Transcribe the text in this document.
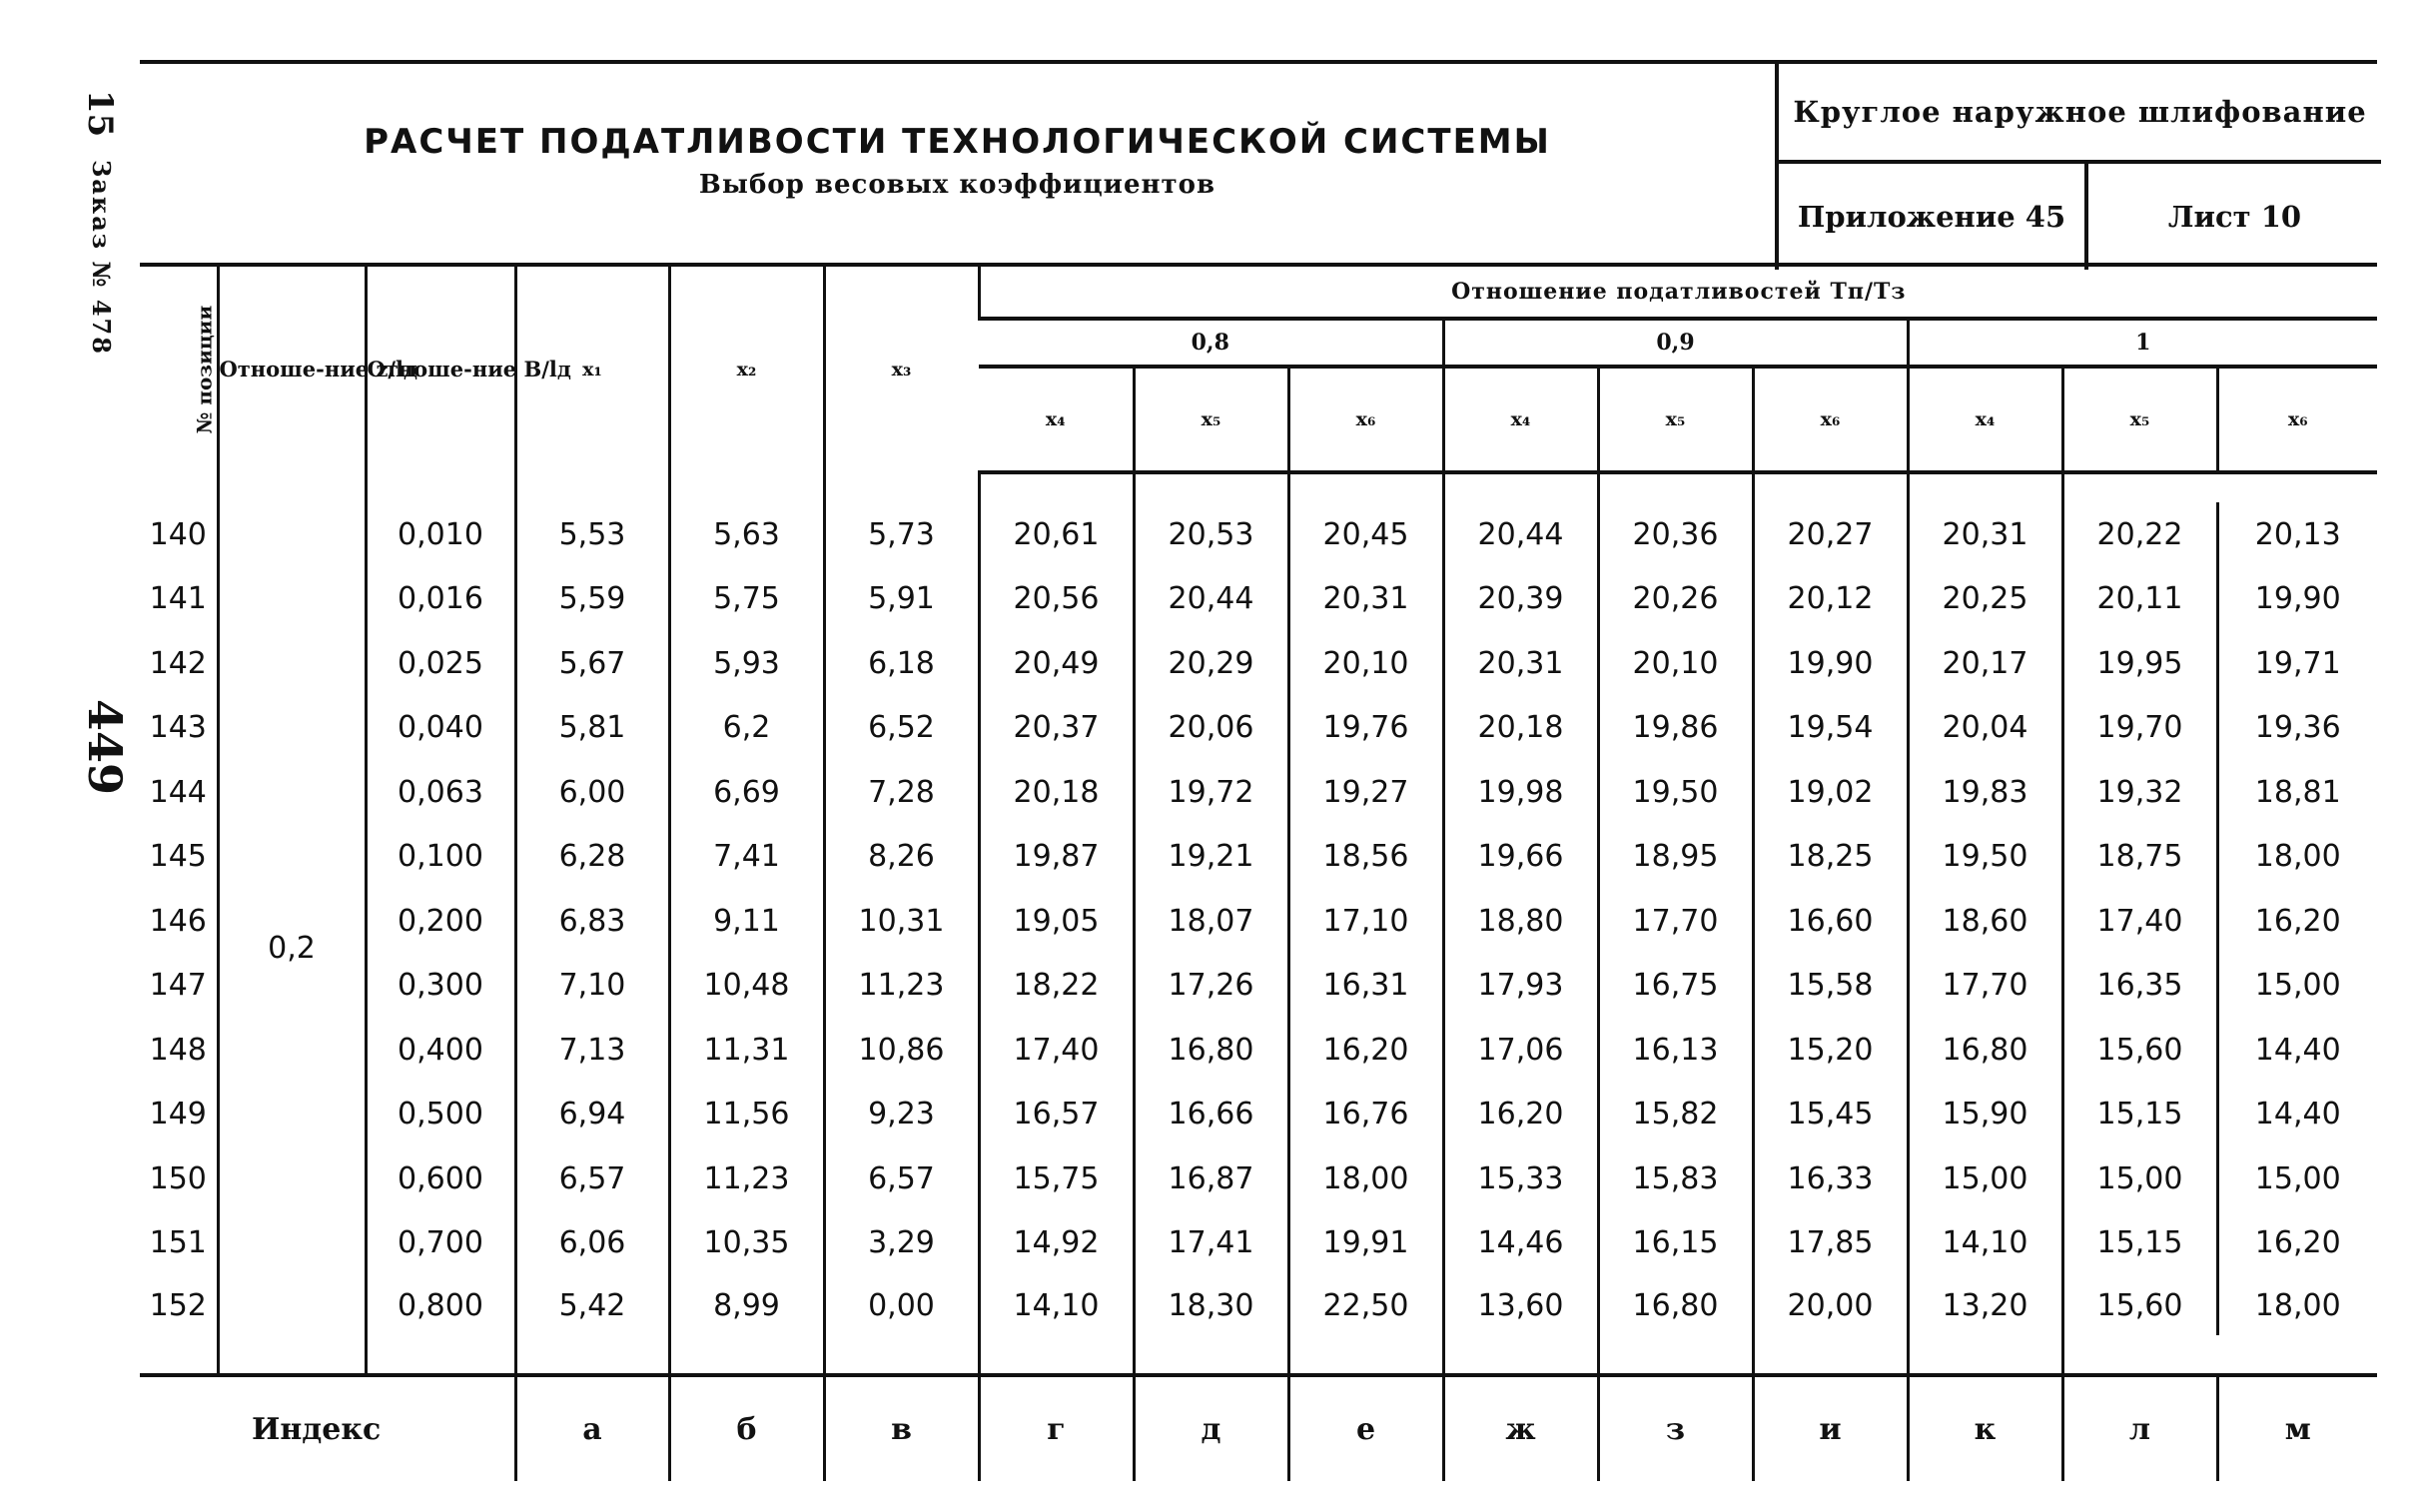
15
Заказ № 478
449
РАСЧЕТ ПОДАТЛИВОСТИ ТЕХНОЛОГИЧЕСКОЙ СИСТЕМЫ
Выбор весовых коэффициентов
Круглое наружное шлифование
Приложение 45	Лист 10
№ позиции	Отноше-ние z/lд	Отноше-ние B/lд	x₁	x₂	x₃	Отношение податливостей Tп/Tз								
						0,8			0,9			1		
						x₄	x₅	x₆	x₄	x₅	x₆	x₄	x₅	x₆

140	0,2	0,010	5,53	5,63	5,73	20,61	20,53	20,45	20,44	20,36	20,27	20,31	20,22	20,13
141		0,016	5,59	5,75	5,91	20,56	20,44	20,31	20,39	20,26	20,12	20,25	20,11	19,90
142		0,025	5,67	5,93	6,18	20,49	20,29	20,10	20,31	20,10	19,90	20,17	19,95	19,71
143		0,040	5,81	6,2	6,52	20,37	20,06	19,76	20,18	19,86	19,54	20,04	19,70	19,36
144		0,063	6,00	6,69	7,28	20,18	19,72	19,27	19,98	19,50	19,02	19,83	19,32	18,81
145		0,100	6,28	7,41	8,26	19,87	19,21	18,56	19,66	18,95	18,25	19,50	18,75	18,00
146		0,200	6,83	9,11	10,31	19,05	18,07	17,10	18,80	17,70	16,60	18,60	17,40	16,20
147		0,300	7,10	10,48	11,23	18,22	17,26	16,31	17,93	16,75	15,58	17,70	16,35	15,00
148		0,400	7,13	11,31	10,86	17,40	16,80	16,20	17,06	16,13	15,20	16,80	15,60	14,40
149		0,500	6,94	11,56	9,23	16,57	16,66	16,76	16,20	15,82	15,45	15,90	15,15	14,40
150		0,600	6,57	11,23	6,57	15,75	16,87	18,00	15,33	15,83	16,33	15,00	15,00	15,00
151		0,700	6,06	10,35	3,29	14,92	17,41	19,91	14,46	16,15	17,85	14,10	15,15	16,20
152		0,800	5,42	8,99	0,00	14,10	18,30	22,50	13,60	16,80	20,00	13,20	15,60	18,00

Индекс			а	б	в	г	д	е	ж	з	и	к	л	м
